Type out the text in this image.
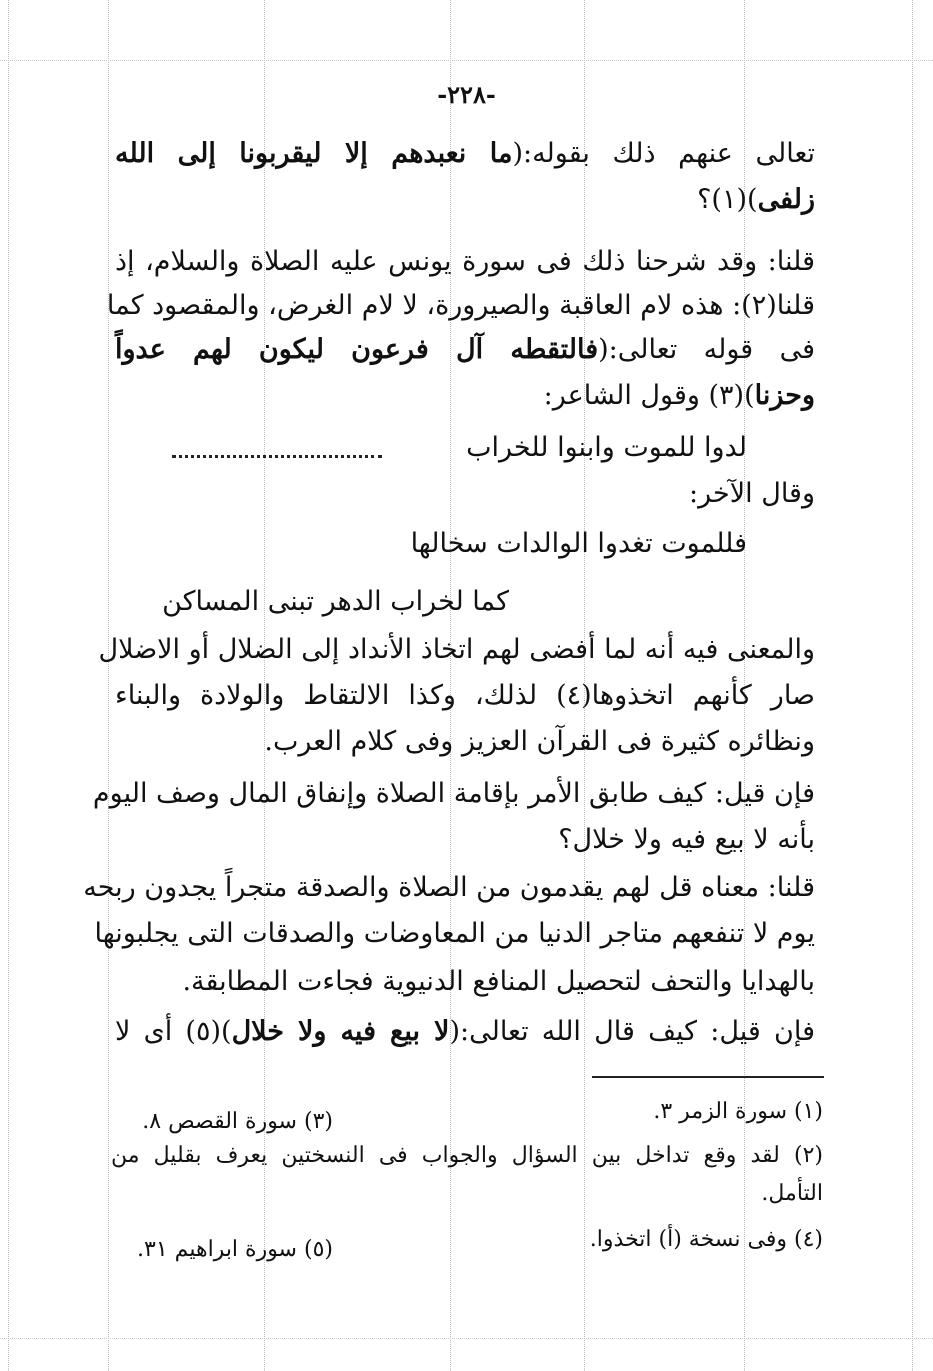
-٢٢٨-
تعالى عنهم ذلك بقوله:(ما نعبدهم إلا ليقربونا إلى الله
زلفى)(١)؟
قلنا: وقد شرحنا ذلك فى سورة يونس عليه الصلاة والسلام، إذ
قلنا(٢): هذه لام العاقبة والصيرورة، لا لام الغرض، والمقصود كما
فى قوله تعالى:(فالتقطه آل فرعون ليكون لهم عدواً
وحزنا)(٣) وقول الشاعر:
لدوا للموت وابنوا للخراب
وقال الآخر:
فللموت تغدوا الوالدات سخالها
كما لخراب الدهر تبنى المساكن
والمعنى فيه أنه لما أفضى لهم اتخاذ الأنداد إلى الضلال أو الاضلال
صار كأنهم اتخذوها(٤) لذلك، وكذا الالتقاط والولادة والبناء
ونظائره كثيرة فى القرآن العزيز وفى كلام العرب.
فإن قيل: كيف طابق الأمر بإقامة الصلاة وإنفاق المال وصف اليوم
بأنه لا بيع فيه ولا خلال؟
قلنا: معناه قل لهم يقدمون من الصلاة والصدقة متجراً يجدون ربحه
يوم لا تنفعهم متاجر الدنيا من المعاوضات والصدقات التى يجلبونها
بالهدايا والتحف لتحصيل المنافع الدنيوية فجاءت المطابقة.
فإن قيل: كيف قال الله تعالى:(لا بيع فيه ولا خلال)(٥) أى لا
(١) سورة الزمر ٣.
(٣) سورة القصص ٨.
(٢) لقد وقع تداخل بين السؤال والجواب فى النسختين يعرف بقليل من
التأمل.
(٤) وفى نسخة (أ) اتخذوا.
(٥) سورة ابراهيم ٣١.
